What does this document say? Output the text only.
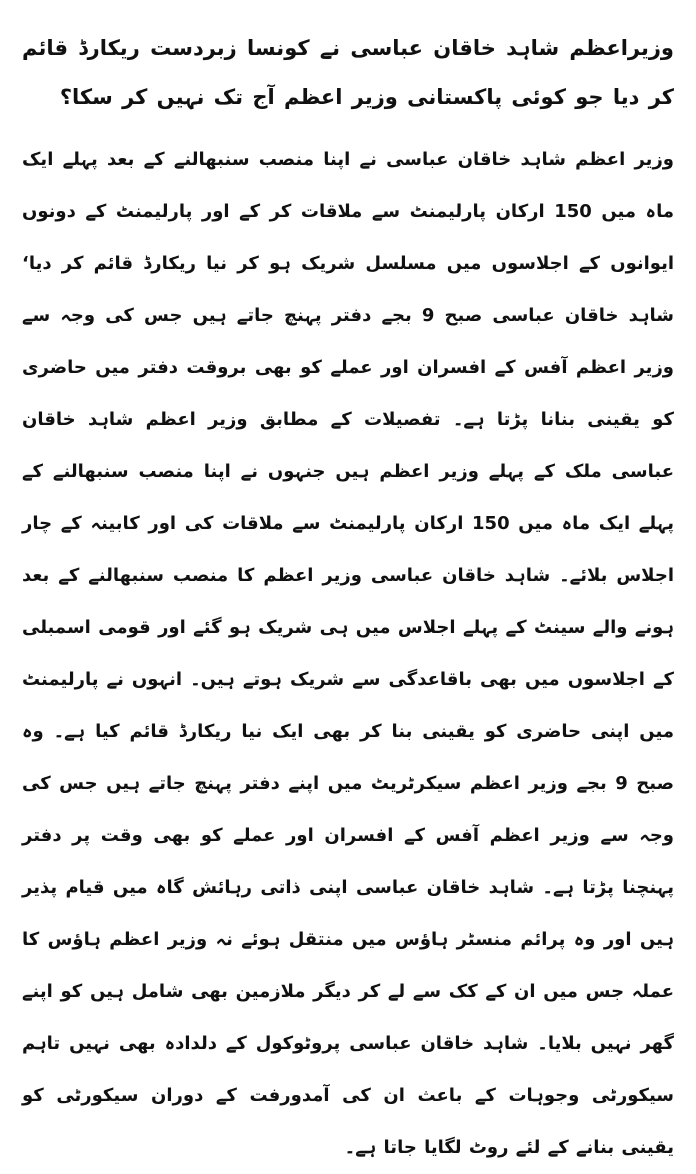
وزیراعظم شاہد خاقان عباسی نے کونسا زبردست ریکارڈ قائم کر دیا جو کوئی پاکستانی وزیر اعظم آج تک نہیں کر سکا؟

وزیر اعظم شاہد خاقان عباسی نے اپنا منصب سنبھالنے کے بعد پہلے ایک ماہ میں 150 ارکان پارلیمنٹ سے ملاقات کر کے اور پارلیمنٹ کے دونوں ایوانوں کے اجلاسوں میں مسلسل شریک ہو کر نیا ریکارڈ قائم کر دیا‘ شاہد خاقان عباسی صبح 9 بجے دفتر پہنچ جاتے ہیں جس کی وجہ سے وزیر اعظم آفس کے افسران اور عملے کو بھی بروقت دفتر میں حاضری کو یقینی بنانا پڑتا ہے۔ تفصیلات کے مطابق وزیر اعظم شاہد خاقان عباسی ملک کے پہلے وزیر اعظم ہیں جنہوں نے اپنا منصب سنبھالنے کے پہلے ایک ماہ میں 150 ارکان پارلیمنٹ سے ملاقات کی اور کابینہ کے چار اجلاس بلائے۔ شاہد خاقان عباسی وزیر اعظم کا منصب سنبھالنے کے بعد ہونے والے سینٹ کے پہلے اجلاس میں ہی شریک ہو گئے اور قومی اسمبلی کے اجلاسوں میں بھی باقاعدگی سے شریک ہوتے ہیں۔ انہوں نے پارلیمنٹ میں اپنی حاضری کو یقینی بنا کر بھی ایک نیا ریکارڈ قائم کیا ہے۔ وہ صبح 9 بجے وزیر اعظم سیکرٹریٹ میں اپنے دفتر پہنچ جاتے ہیں جس کی وجہ سے وزیر اعظم آفس کے افسران اور عملے کو بھی وقت پر دفتر پہنچنا پڑتا ہے۔ شاہد خاقان عباسی اپنی ذاتی رہائش گاہ میں قیام پذیر ہیں اور وہ پرائم منسٹر ہاؤس میں منتقل ہوئے نہ وزیر اعظم ہاؤس کا عملہ جس میں ان کے کک سے لے کر دیگر ملازمین بھی شامل ہیں کو اپنے گھر نہیں بلایا۔ شاہد خاقان عباسی پروٹوکول کے دلدادہ بھی نہیں تاہم سیکورٹی وجوہات کے باعث ان کی آمدورفت کے دوران سیکورٹی کو یقینی بنانے کے لئے روٹ لگایا جاتا ہے۔
